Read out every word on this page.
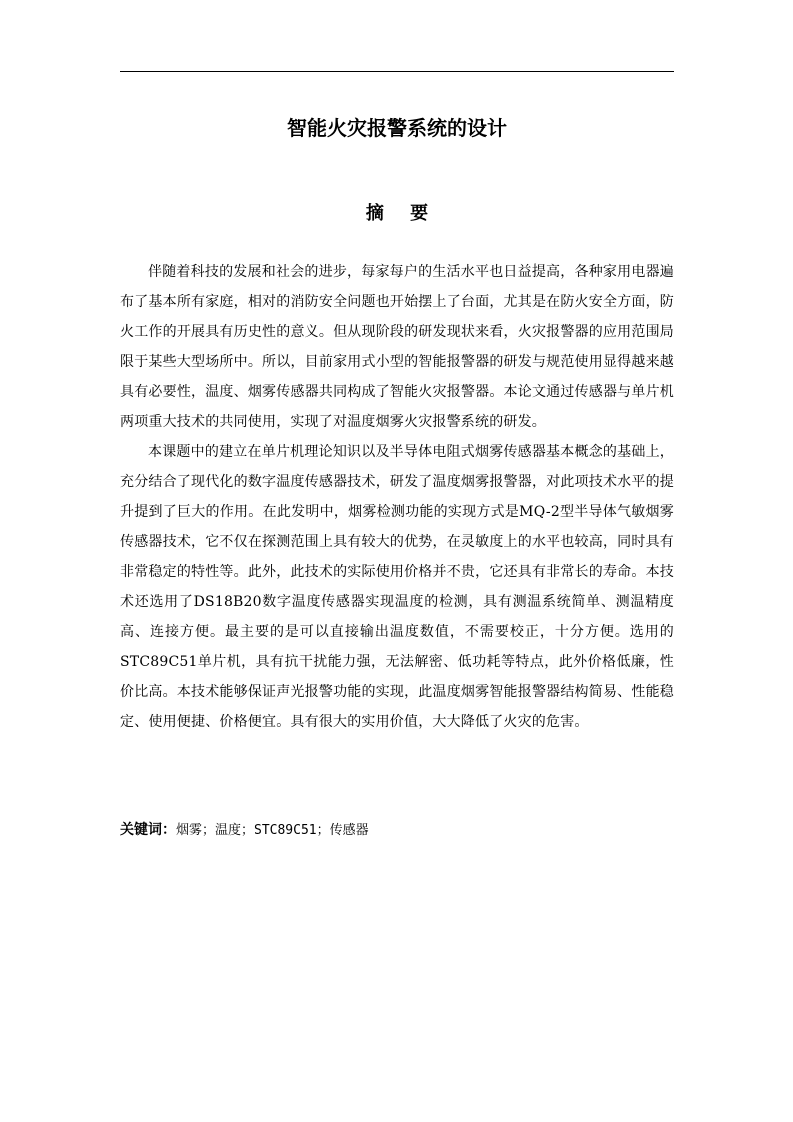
智能火灾报警系统的设计
摘 要

伴随着科技的发展和社会的进步，每家每户的生活水平也日益提高，各种家用电器遍布了基本所有家庭，相对的消防安全问题也开始摆上了台面，尤其是在防火安全方面，防火工作的开展具有历史性的意义。但从现阶段的研发现状来看，火灾报警器的应用范围局限于某些大型场所中。所以，目前家用式小型的智能报警器的研发与规范使用显得越来越具有必要性，温度、烟雾传感器共同构成了智能火灾报警器。本论文通过传感器与单片机两项重大技术的共同使用，实现了对温度烟雾火灾报警系统的研发。

本课题中的建立在单片机理论知识以及半导体电阻式烟雾传感器基本概念的基础上，充分结合了现代化的数字温度传感器技术，研发了温度烟雾报警器，对此项技术水平的提升提到了巨大的作用。在此发明中，烟雾检测功能的实现方式是MQ-2型半导体气敏烟雾传感器技术，它不仅在探测范围上具有较大的优势，在灵敏度上的水平也较高，同时具有非常稳定的特性等。此外，此技术的实际使用价格并不贵，它还具有非常长的寿命。本技术还选用了DS18B20数字温度传感器实现温度的检测，具有测温系统简单、测温精度高、连接方便。最主要的是可以直接输出温度数值，不需要校正，十分方便。选用的STC89C51单片机，具有抗干扰能力强，无法解密、低功耗等特点，此外价格低廉，性价比高。本技术能够保证声光报警功能的实现，此温度烟雾智能报警器结构简易、性能稳定、使用便捷、价格便宜。具有很大的实用价值，大大降低了火灾的危害。

关键词：烟雾；温度；STC89C51；传感器
